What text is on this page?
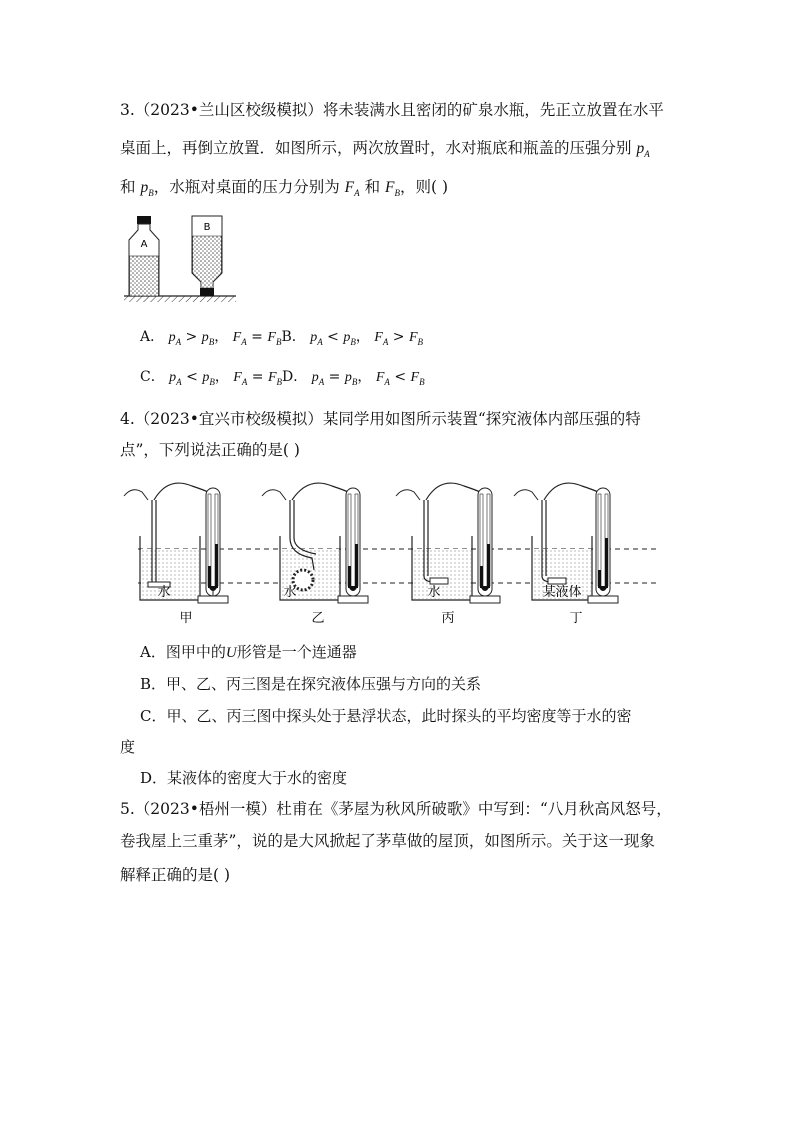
3.（2023•兰山区校级模拟）将未装满水且密闭的矿泉水瓶，先正立放置在水平
桌面上，再倒立放置．如图所示，两次放置时，水对瓶底和瓶盖的压强分别 $p_A$
和 $p_B$，水瓶对桌面的压力分别为 $F_A$ 和 $F_B$，则( )
A
B
A． $p_A > p_B$， $F_A = F_BB$． $p_A < p_B$， $F_A > F_B$
C． $p_A < p_B$， $F_A = F_BD$． $p_A = p_B$， $F_A < F_B$
4.（2023•宜兴市校级模拟）某同学用如图所示装置“探究液体内部压强的特
点”，下列说法正确的是( )
水
甲
水
乙
水
丙
某液体
丁
A．图甲中的U形管是一个连通器
B．甲、乙、丙三图是在探究液体压强与方向的关系
C．甲、乙、丙三图中探头处于悬浮状态，此时探头的平均密度等于水的密
度
D．某液体的密度大于水的密度
5.（2023•梧州一模）杜甫在《茅屋为秋风所破歌》中写到：“八月秋高风怒号，
卷我屋上三重茅”，说的是大风掀起了茅草做的屋顶，如图所示。关于这一现象
解释正确的是( )
